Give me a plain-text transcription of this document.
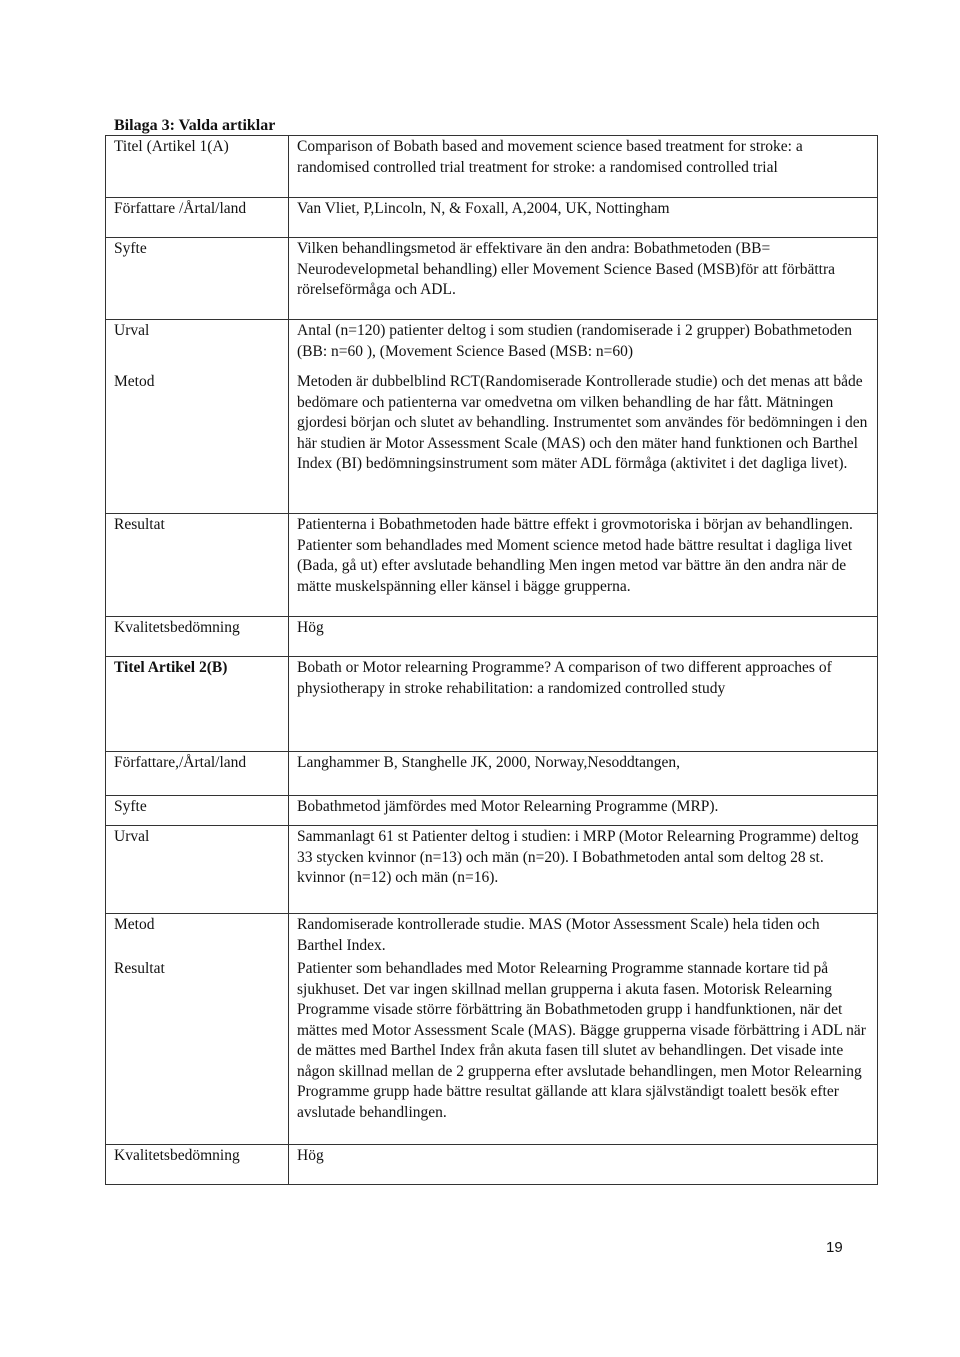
Bilaga 3: Valda artiklar

Titel (Artikel 1(A)	Comparison of Bobath based and movement science based treatment for stroke: a randomised controlled trial treatment for stroke: a randomised controlled trial
Författare /Årtal/land	Van Vliet, P,Lincoln, N, & Foxall, A,2004, UK, Nottingham
Syfte	Vilken behandlingsmetod är effektivare än den andra: Bobathmetoden (BB= Neurodevelopmetal behandling) eller Movement Science Based (MSB)för att förbättra rörelseförmåga och ADL.
Urval	Antal (n=120) patienter deltog i som studien (randomiserade i 2 grupper) Bobathmetoden (BB: n=60 ), (Movement Science Based (MSB: n=60)
Metod	Metoden är dubbelblind RCT(Randomiserade Kontrollerade studie) och det menas att både bedömare och patienterna var omedvetna om vilken behandling de har fått. Mätningen gjordesi början och slutet av behandling. Instrumentet som användes för bedömningen i den här studien är Motor Assessment Scale (MAS) och den mäter hand funktionen och Barthel Index (BI) bedömningsinstrument som mäter ADL förmåga (aktivitet i det dagliga livet).
Resultat	Patienterna i Bobathmetoden hade bättre effekt i grovmotoriska i början av behandlingen. Patienter som behandlades med Moment science metod hade bättre resultat i dagliga livet (Bada, gå ut) efter avslutade behandling Men ingen metod var bättre än den andra när de mätte muskelspänning eller känsel i bägge grupperna.
Kvalitetsbedömning	Hög
Titel Artikel 2(B)	Bobath or Motor relearning Programme? A comparison of two different approaches of physiotherapy in stroke rehabilitation: a randomized controlled study
Författare,/Årtal/land	Langhammer B, Stanghelle JK, 2000, Norway,Nesoddtangen,
Syfte	Bobathmetod jämfördes med Motor Relearning Programme (MRP).
Urval	Sammanlagt 61 st Patienter deltog i studien: i MRP (Motor Relearning Programme) deltog 33 stycken kvinnor (n=13) och män (n=20). I Bobathmetoden antal som deltog 28 st. kvinnor (n=12) och män (n=16).
Metod	Randomiserade kontrollerade studie. MAS (Motor Assessment Scale) hela tiden och Barthel Index.
Resultat	Patienter som behandlades med Motor Relearning Programme stannade kortare tid på sjukhuset. Det var ingen skillnad mellan grupperna i akuta fasen. Motorisk Relearning Programme visade större förbättring än Bobathmetoden grupp i handfunktionen, när det mättes med Motor Assessment Scale (MAS). Bägge grupperna visade förbättring i ADL när de mättes med Barthel Index från akuta fasen till slutet av behandlingen. Det visade inte någon skillnad mellan de 2 grupperna efter avslutade behandlingen, men Motor Relearning Programme grupp hade bättre resultat gällande att klara självständigt toalett besök efter avslutade behandlingen.
Kvalitetsbedömning	Hög
19
